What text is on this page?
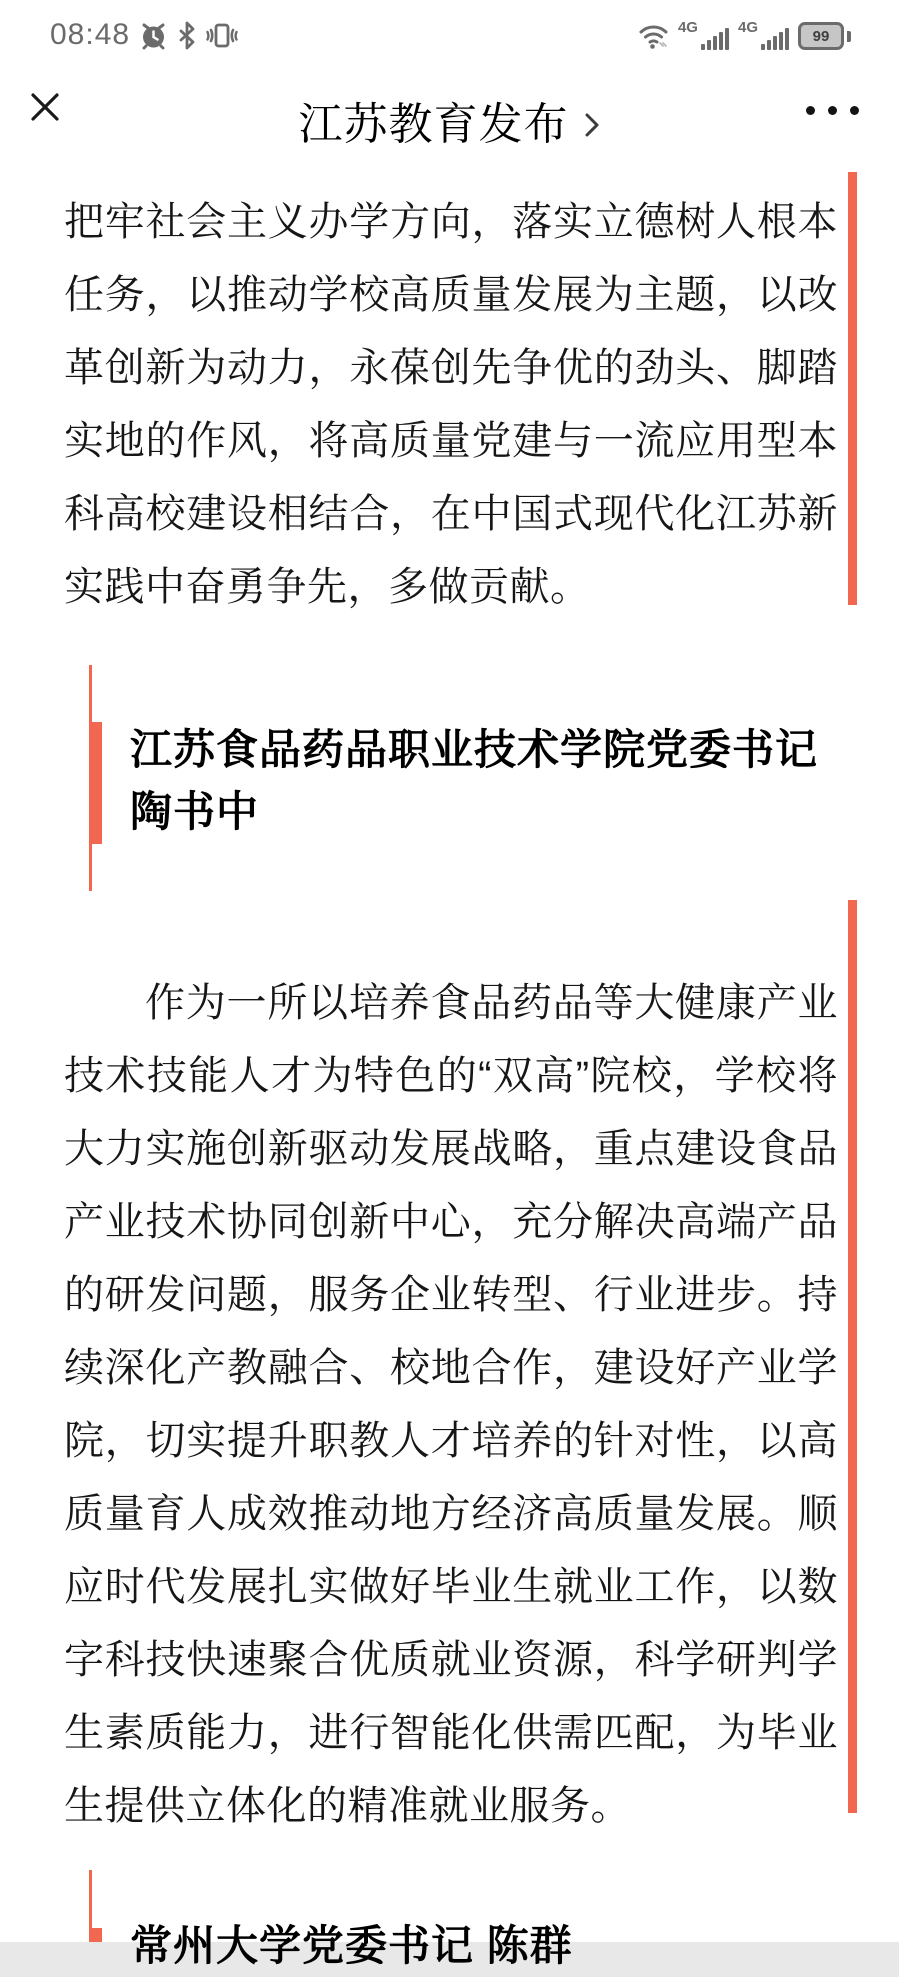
08:48	4G	4G	99

把牢社会主义办学方向，落实立德树人根本任务，以推动学校高质量发展为主题，以改革创新为动力，永葆创先争优的劲头、脚踏实地的作风，将高质量党建与一流应用型本科高校建设相结合，在中国式现代化江苏新实践中奋勇争先，多做贡献。

江苏食品药品职业技术学院党委书记
陶书中

作为一所以培养食品药品等大健康产业技术技能人才为特色的“双高”院校，学校将大力实施创新驱动发展战略，重点建设食品产业技术协同创新中心，充分解决高端产品的研发问题，服务企业转型、行业进步。持续深化产教融合、校地合作，建设好产业学院，切实提升职教人才培养的针对性，以高质量育人成效推动地方经济高质量发展。顺应时代发展扎实做好毕业生就业工作，以数字科技快速聚合优质就业资源，科学研判学生素质能力，进行智能化供需匹配，为毕业生提供立体化的精准就业服务。

常州大学党委书记 陈群
江苏教育发布
